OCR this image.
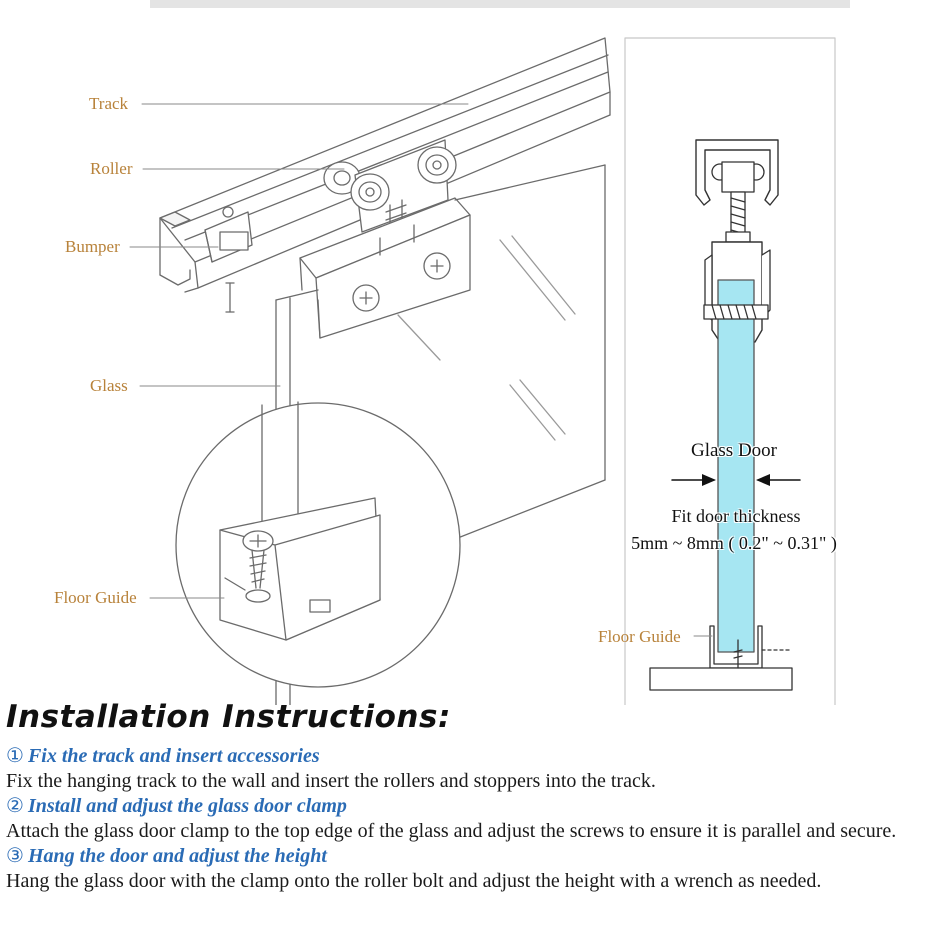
Track
Roller
Bumper
Glass
Floor Guide
Floor Guide
Glass Door
Fit door thickness
5mm ~ 8mm ( 0.2" ~ 0.31" )
Installation Instructions:
① Fix the track and insert accessories
Fix the hanging track to the wall and insert the rollers and stoppers into the track.
② Install and adjust the glass door clamp
Attach the glass door clamp to the top edge of the glass and adjust the screws to ensure it is parallel and secure.
③ Hang the door and adjust the height
Hang the glass door with the clamp onto the roller bolt and adjust the height with a wrench as needed.
